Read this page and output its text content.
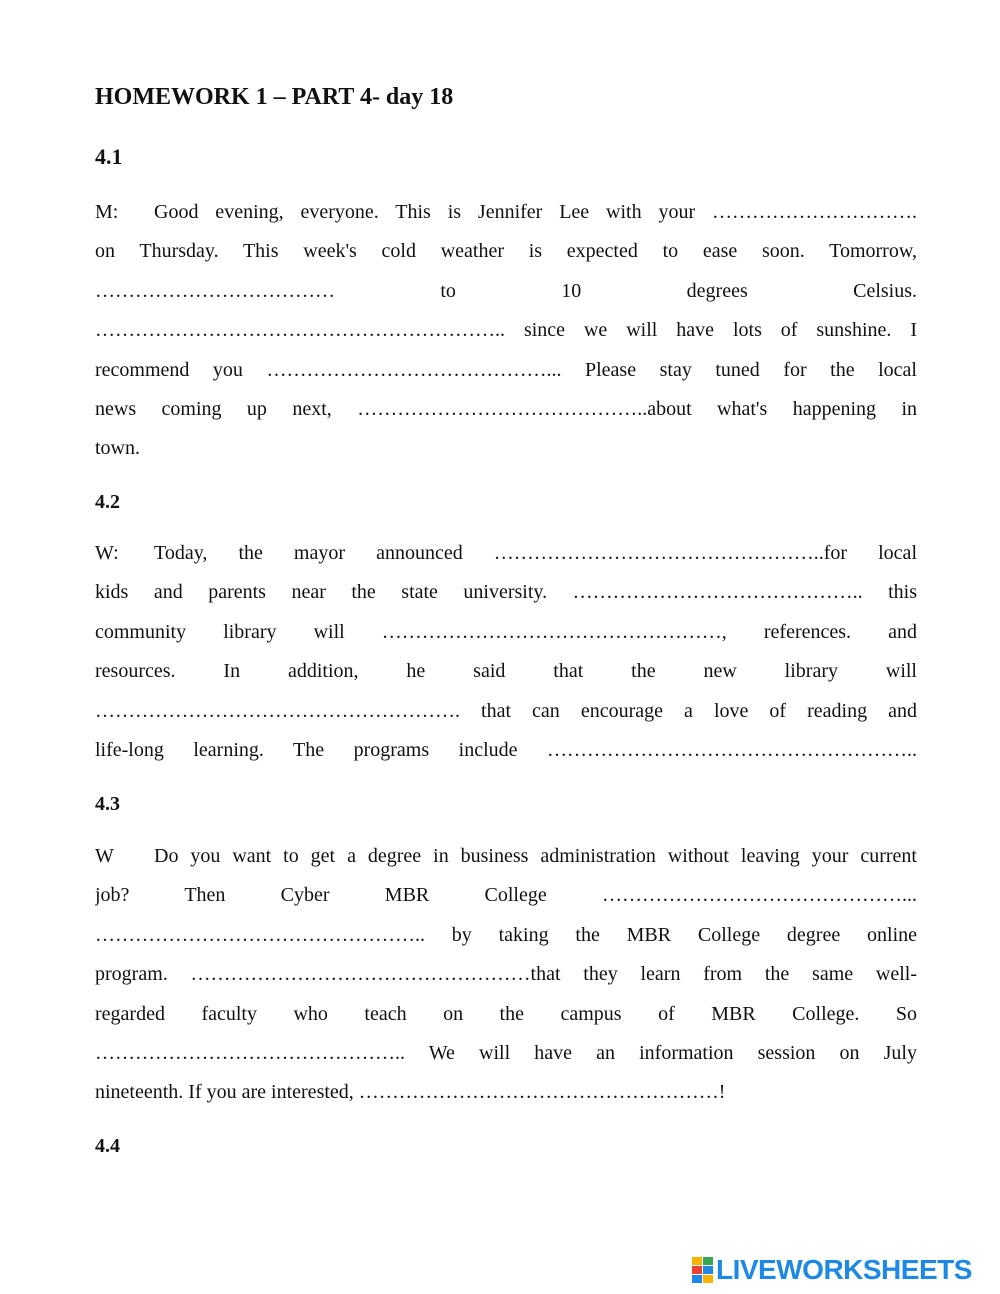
HOMEWORK 1 – PART 4- day 18
4.1
M: Good evening, everyone. This is Jennifer Lee with your ………………………….
on Thursday. This week's cold weather is expected to ease soon. Tomorrow,
……………………………… to 10 degrees Celsius.
…………………………………………………….. since we will have lots of sunshine. I
recommend you ……………………………………... Please stay tuned for the local
news coming up next, ……………………………………..about what's happening in
town.
4.2
W: Today, the mayor announced …………………………………………..for local
kids and parents near the state university. …………………………………….. this
community library will ……………………………………………, references. and
resources. In addition, he said that the new library will
………………………………………………. that can encourage a love of reading and
life-long learning. The programs include ………………………………………………..
4.3
W Do you want to get a degree in business administration without leaving your current
job? Then Cyber MBR College ………………………………………...
………………………………………….. by taking the MBR College degree online
program. ……………………………………………that they learn from the same well-
regarded faculty who teach on the campus of MBR College. So
……………………………………….. We will have an information session on July
nineteenth. If you are interested, ………………………………………………!
4.4
LIVEWORKSHEETS
